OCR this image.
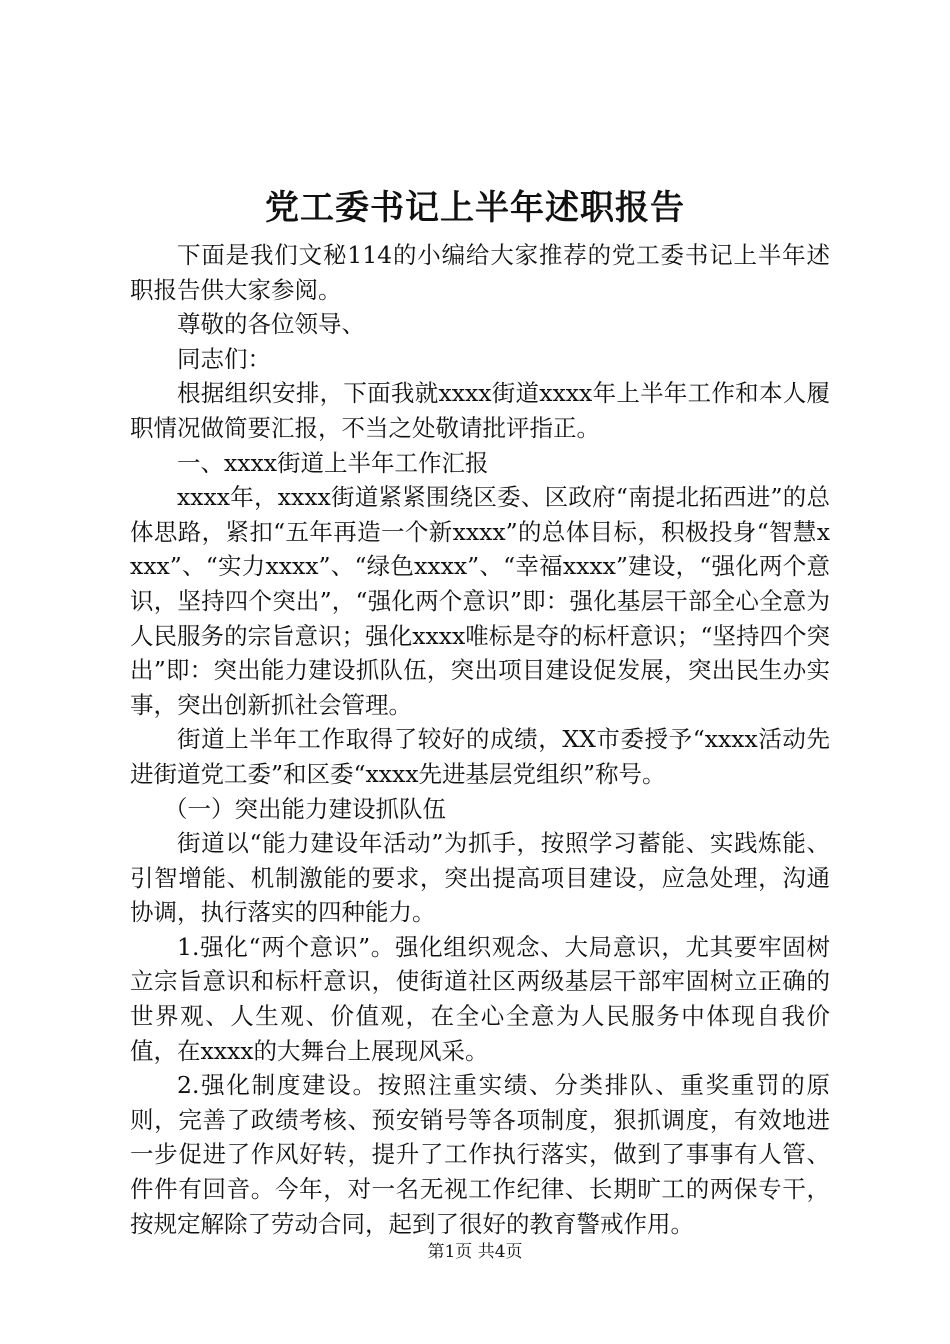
党工委书记上半年述职报告

下面是我们文秘114的小编给大家推荐的党工委书记上半年述职报告供大家参阅。

尊敬的各位领导、

同志们：

根据组织安排，下面我就xxxx街道xxxx年上半年工作和本人履职情况做简要汇报，不当之处敬请批评指正。

一、xxxx街道上半年工作汇报

xxxx年，xxxx街道紧紧围绕区委、区政府“南提北拓西进”的总体思路，紧扣“五年再造一个新xxxx”的总体目标，积极投身“智慧xxxx”、“实力xxxx”、“绿色xxxx”、“幸福xxxx”建设，“强化两个意识，坚持四个突出”，“强化两个意识”即：强化基层干部全心全意为人民服务的宗旨意识；强化xxxx唯标是夺的标杆意识；“坚持四个突出”即：突出能力建设抓队伍，突出项目建设促发展，突出民生办实事，突出创新抓社会管理。

街道上半年工作取得了较好的成绩，XX市委授予“xxxx活动先进街道党工委”和区委“xxxx先进基层党组织”称号。

（一）突出能力建设抓队伍

街道以“能力建设年活动”为抓手，按照学习蓄能、实践炼能、引智增能、机制激能的要求，突出提高项目建设，应急处理，沟通协调，执行落实的四种能力。

1.强化“两个意识”。强化组织观念、大局意识，尤其要牢固树立宗旨意识和标杆意识，使街道社区两级基层干部牢固树立正确的世界观、人生观、价值观，在全心全意为人民服务中体现自我价值，在xxxx的大舞台上展现风采。

2.强化制度建设。按照注重实绩、分类排队、重奖重罚的原则，完善了政绩考核、预安销号等各项制度，狠抓调度，有效地进一步促进了作风好转，提升了工作执行落实，做到了事事有人管、件件有回音。今年，对一名无视工作纪律、长期旷工的两保专干，按规定解除了劳动合同，起到了很好的教育警戒作用。

第1页 共4页
